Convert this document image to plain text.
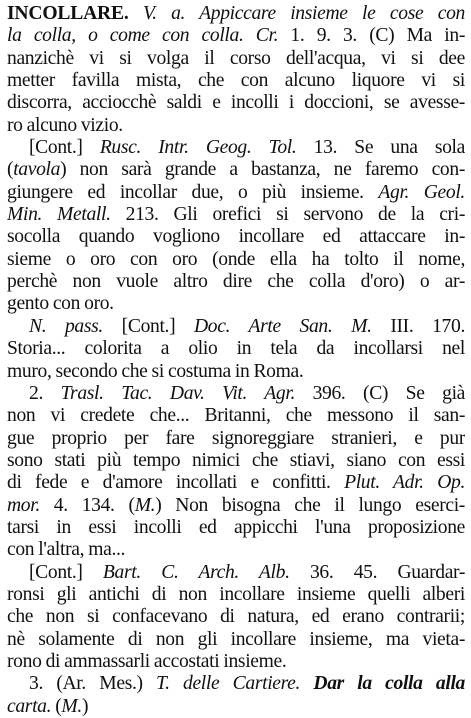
INCOLLARE. V. a. Appiccare insieme le cose con
la colla, o come con colla. Cr. 1. 9. 3. (C) Ma in-
nanzichè vi si volga il corso dell'acqua, vi si dee
metter favilla mista, che con alcuno liquore vi si
discorra, acciocchè saldi e incolli i doccioni, se avesse-
ro alcuno vizio.
[Cont.] Rusc. Intr. Geog. Tol. 13. Se una sola
(tavola) non sarà grande a bastanza, ne faremo con-
giungere ed incollar due, o più insieme. Agr. Geol.
Min. Metall. 213. Gli orefici si servono de la cri-
socolla quando vogliono incollare ed attaccare in-
sieme o oro con oro (onde ella ha tolto il nome,
perchè non vuole altro dire che colla d'oro) o ar-
gento con oro.
N. pass. [Cont.] Doc. Arte San. M. III. 170.
Storia... colorita a olio in tela da incollarsi nel
muro, secondo che si costuma in Roma.
2. Trasl. Tac. Dav. Vit. Agr. 396. (C) Se già
non vi credete che... Britanni, che messono il san-
gue proprio per fare signoreggiare stranieri, e pur
sono stati più tempo nimici che stiavi, siano con essi
di fede e d'amore incollati e confitti. Plut. Adr. Op.
mor. 4. 134. (M.) Non bisogna che il lungo eserci-
tarsi in essi incolli ed appicchi l'una proposizione
con l'altra, ma...
[Cont.] Bart. C. Arch. Alb. 36. 45. Guardar-
ronsi gli antichi di non incollare insieme quelli alberi
che non si confacevano di natura, ed erano contrarii;
nè solamente di non gli incollare insieme, ma vieta-
rono di ammassarli accostati insieme.
3. (Ar. Mes.) T. delle Cartiere. Dar la colla alla
carta. (M.)
